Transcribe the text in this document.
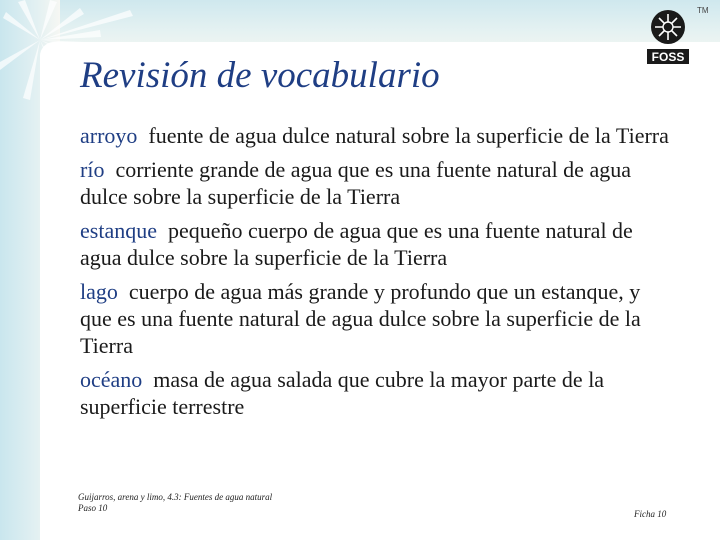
FOSS
TM
Revisión de vocabulario
arroyo fuente de agua dulce natural sobre la superficie de la Tierra
río corriente grande de agua que es una fuente natural de agua dulce sobre la superficie de la Tierra
estanque pequeño cuerpo de agua que es una fuente natural de agua dulce sobre la superficie de la Tierra
lago cuerpo de agua más grande y profundo que un estanque, y que es una fuente natural de agua dulce sobre la superficie de la Tierra
océano masa de agua salada que cubre la mayor parte de la superficie terrestre
Guijarros, arena y limo, 4.3: Fuentes de agua natural
Paso 10
Ficha 10
